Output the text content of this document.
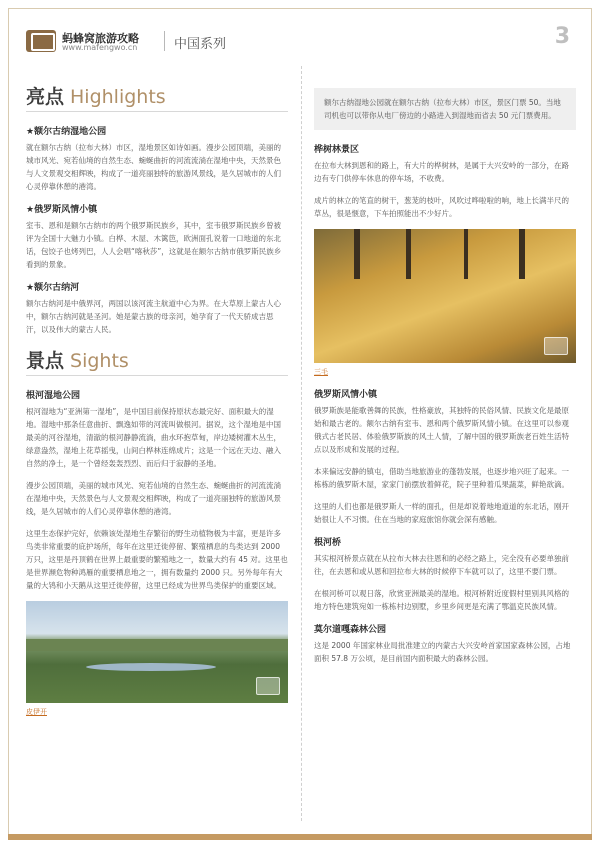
蚂蜂窝旅游攻略
www.mafengwo.cn	中国系列	3
亮点 Highlights
★额尔古纳湿地公园

就在额尔古纳（拉布大林）市区，湿地景区如诗如画。漫步公园顶端，美丽的城市风光、宛若仙境的自然生态、蜿蜒曲折的河流流淌在湿地中央，天然景色与人文景观交相辉映，构成了一道亮丽独特的旅游风景线，是久居城市的人们心灵停靠休憩的港湾。

★俄罗斯风情小镇

室韦、恩和是额尔古纳市的两个俄罗斯民族乡，其中，室韦俄罗斯民族乡曾被评为全国十大魅力小镇。白桦、木屋、木篱笆，欧洲面孔说着一口地道的东北话，包饺子也烤列巴，人人会唱“喀秋莎”，这就是在额尔古纳市俄罗斯民族乡看到的景象。

★额尔古纳河

额尔古纳河是中俄界河，两国以该河流主航道中心为界。在大草原上蒙古人心中，额尔古纳河就是圣河。她是蒙古族的母亲河，她孕育了一代天骄成吉思汗，以及伟大的蒙古人民。

景点 Sights
根河湿地公园

根河湿地为“亚洲第一湿地”，是中国目前保持原状态最完好、面积最大的湿地。湿地中那条任意曲折、飘逸如带的河流叫做根河。据说，这个湿地是中国最美的河谷湿地，清澈的根河静静流淌，曲水环抱草甸，岸边矮树灌木丛生，绿意盎然，湿地上花草摇曳，山间白桦林连绵成片；这是一个远在天边、融入自然的净土，是一个曾经轰轰烈烈、而后归于寂静的圣地。

漫步公园顶端，美丽的城市风光、宛若仙境的自然生态、蜿蜒曲折的河流流淌在湿地中央，天然景色与人文景观交相辉映，构成了一道亮丽独特的旅游风景线，是久居城市的人们心灵停靠休憩的港湾。

这里生态保护完好，依赖该处湿地生存繁衍的野生动植物极为丰富，更是许多鸟类非常重要的庇护场所，每年在这里迁徙停留、繁殖栖息的鸟类达到 2000 万只，这里是丹顶鹤在世界上最重要的繁殖地之一，数量大约有 45 对。这里也是世界濒危物种鸿雁的重要栖息地之一，拥有数量约 2000 只。另外每年有大量的大鸨和小天鹅从这里迁徙停留，这里已经成为世界鸟类保护的重要区域。

皮伊开

额尔古纳湿地公园就在额尔古纳（拉布大林）市区，景区门票 50。当地司机也可以带你从电厂傍边的小路进入到湿地而省去 50 元门票费用。

桦树林景区

在拉布大林到恩和的路上，有大片的桦树林，是属于大兴安岭的一部分，在路边有专门供停车休息的停车场，不收费。

成片的林立的笔直的树干，葱茏的枝叶，风吹过哗啦啦的响，地上长满半尺的草丛，很是惬意，下车拍照能出不少好片。

三毛
俄罗斯风情小镇

俄罗斯族是能歌善舞的民族，性格豪放，其独特的民俗风情、民族文化是最原始和最古老的。额尔古纳有室韦、恩和两个俄罗斯风情小镇。在这里可以参观俄式古老民居、体验俄罗斯族的风土人情，了解中国的俄罗斯族老百姓生活特点以及形成和发展的过程。

本来偏远安静的镇屯，借助当地旅游业的蓬勃发展，也逐步地兴旺了起来。一栋栋的俄罗斯木屋，家家门前摆放着鲜花，院子里种着瓜果蔬菜，鲜艳欲滴。

这里的人们也都是俄罗斯人一样的面孔，但是却说着地地道道的东北话，刚开始很让人不习惯。住在当地的家庭旅馆你就会深有感触。

根河桥

其实根河桥景点就在从拉布大林去往恩和的必经之路上，完全没有必要单独前往，在去恩和或从恩和回拉布大林的时候停下车就可以了，这里不要门票。

在根河桥可以观日落，欣赏亚洲最美的湿地。根河桥附近度假村里别具风格的地方特色建筑宛如一栋栋村边别墅，乡里乡间更是充满了鄂温克民族风情。

莫尔道嘎森林公园

这是 2000 年国家林业局批准建立的内蒙古大兴安岭首家国家森林公园，占地面积 57.8 万公顷，是目前国内面积最大的森林公园。
